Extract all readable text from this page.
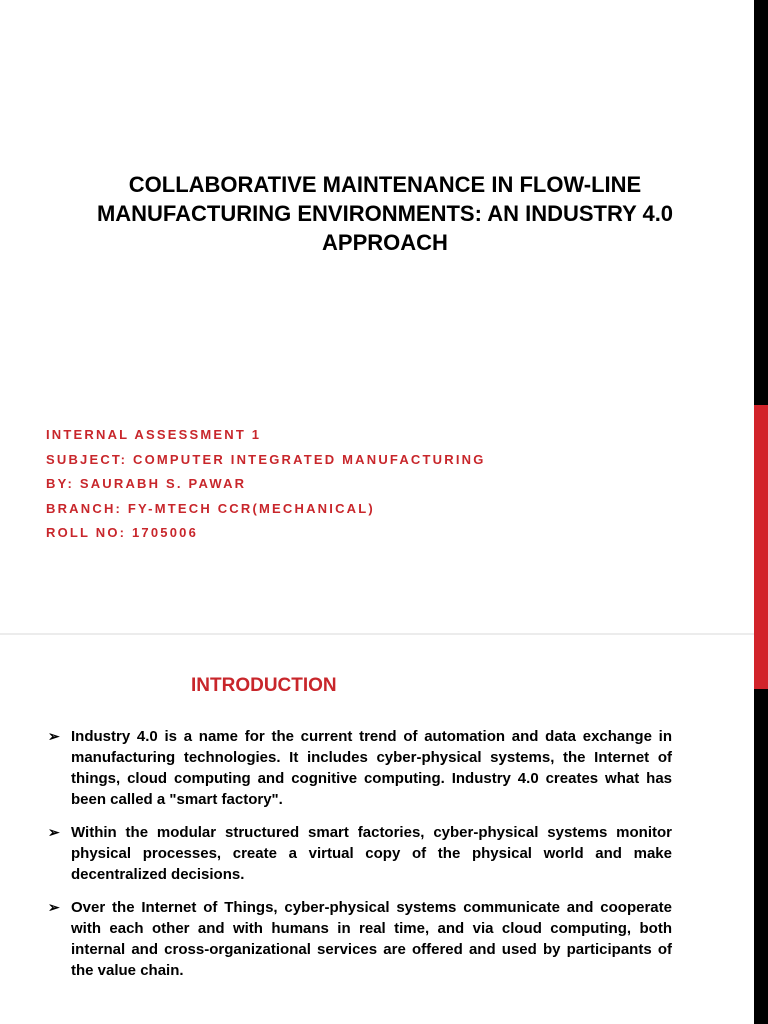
COLLABORATIVE MAINTENANCE IN FLOW-LINE MANUFACTURING ENVIRONMENTS: AN INDUSTRY 4.0 APPROACH
INTERNAL ASSESSMENT 1
SUBJECT: COMPUTER INTEGRATED MANUFACTURING
BY: SAURABH S. PAWAR
BRANCH: FY-MTECH CCR(MECHANICAL)
ROLL NO: 1705006
INTRODUCTION
➢ Industry 4.0 is a name for the current trend of automation and data exchange in manufacturing technologies. It includes cyber-physical systems, the Internet of things, cloud computing and cognitive computing. Industry 4.0 creates what has been called a "smart factory".
➢ Within the modular structured smart factories, cyber-physical systems monitor physical processes, create a virtual copy of the physical world and make decentralized decisions.
➢ Over the Internet of Things, cyber-physical systems communicate and cooperate with each other and with humans in real time, and via cloud computing, both internal and cross-organizational services are offered and used by participants of the value chain.
